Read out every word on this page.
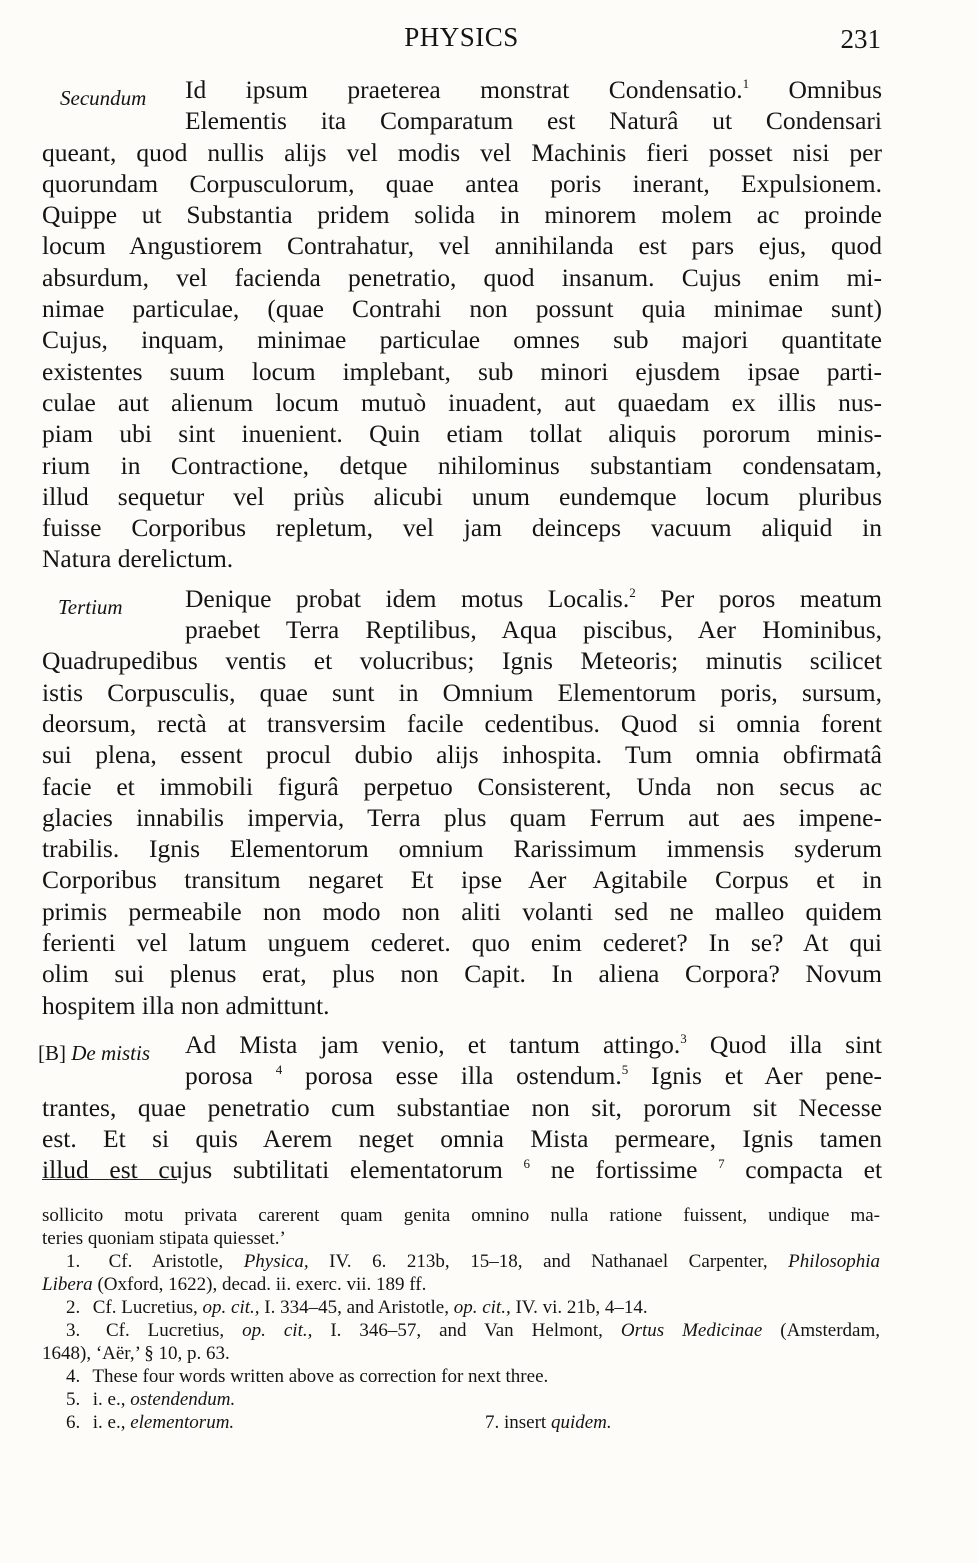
PHYSICS	231
Secundum Id ipsum praeterea monstrat Condensatio.$^1$ Omnibus
Elementis ita Comparatum est Naturâ ut Condensari
queant, quod nullis alijs vel modis vel Machinis fieri posset nisi per
quorundam Corpusculorum, quae antea poris inerant, Expulsionem.
Quippe ut Substantia pridem solida in minorem molem ac proinde
locum Angustiorem Contrahatur, vel annihilanda est pars ejus, quod
absurdum, vel facienda penetratio, quod insanum. Cujus enim mi-
nimae particulae, (quae Contrahi non possunt quia minimae sunt)
Cujus, inquam, minimae particulae omnes sub majori quantitate
existentes suum locum implebant, sub minori ejusdem ipsae parti-
culae aut alienum locum mutuò inuadent, aut quaedam ex illis nus-
piam ubi sint inuenient. Quin etiam tollat aliquis pororum minis-
rium in Contractione, detque nihilominus substantiam condensatam,
illud sequetur vel priùs alicubi unum eundemque locum pluribus
fuisse Corporibus repletum, vel jam deinceps vacuum aliquid in
Natura derelictum.
Tertium Denique probat idem motus Localis.$^2$ Per poros meatum
praebet Terra Reptilibus, Aqua piscibus, Aer Hominibus,
Quadrupedibus ventis et volucribus; Ignis Meteoris; minutis scilicet
istis Corpusculis, quae sunt in Omnium Elementorum poris, sursum,
deorsum, rectà at transversim facile cedentibus. Quod si omnia forent
sui plena, essent procul dubio alijs inhospita. Tum omnia obfirmatâ
facie et immobili figurâ perpetuo Consisterent, Unda non secus ac
glacies innabilis impervia, Terra plus quam Ferrum aut aes impene-
trabilis. Ignis Elementorum omnium Rarissimum immensis syderum
Corporibus transitum negaret Et ipse Aer Agitabile Corpus et in
primis permeabile non modo non aliti volanti sed ne malleo quidem
ferienti vel latum unguem cederet. quo enim cederet? In se? At qui
olim sui plenus erat, plus non Capit. In aliena Corpora? Novum
hospitem illa non admittunt.
[B] De mistis Ad Mista jam venio, et tantum attingo.$^3$ Quod illa sint
porosa $^4$ porosa esse illa ostendum.$^5$ Ignis et Aer pene-
trantes, quae penetratio cum substantiae non sit, pororum sit Necesse
est. Et si quis Aerem neget omnia Mista permeare, Ignis tamen
illud est cujus subtilitati elementatorum $^6$ ne fortissime $^7$ compacta et
sollicito motu privata carerent quam genita omnino nulla ratione fuissent, undique ma-
teries quoniam stipata quiesset.’
1. Cf. Aristotle, Physica, IV. 6. 213b, 15–18, and Nathanael Carpenter, Philosophia
Libera (Oxford, 1622), decad. ii. exerc. vii. 189 ff.
2. Cf. Lucretius, op. cit., I. 334–45, and Aristotle, op. cit., IV. vi. 21b, 4–14.
3. Cf. Lucretius, op. cit., I. 346–57, and Van Helmont, Ortus Medicinae (Amsterdam,
1648), ‘Aër,’ § 10, p. 63.
4. These four words written above as correction for next three.
5. i. e., ostendendum.
6. i. e., elementorum.	7. insert quidem.
